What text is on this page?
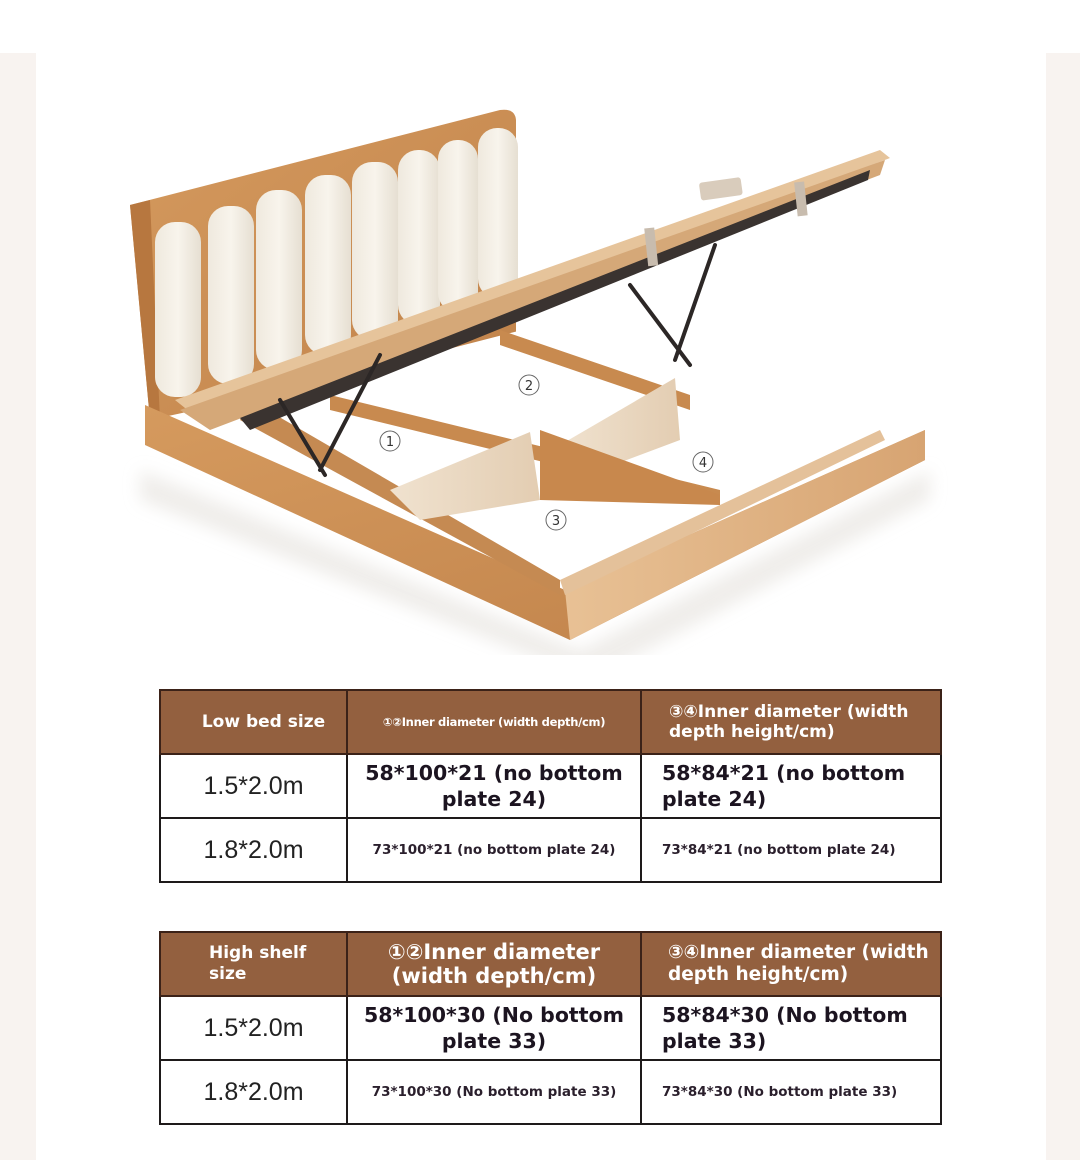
1
2
3
4
Low bed size	①②Inner diameter (width depth/cm)	③④Inner diameter (width depth height/cm)
1.5*2.0m	58*100*21 (no bottom plate 24)	58*84*21 (no bottom plate 24)
1.8*2.0m	73*100*21 (no bottom plate 24)	73*84*21 (no bottom plate 24)
High shelf size	①②Inner diameter (width depth/cm)	③④Inner diameter (width depth height/cm)
1.5*2.0m	58*100*30 (No bottom plate 33)	58*84*30 (No bottom plate 33)
1.8*2.0m	73*100*30 (No bottom plate 33)	73*84*30 (No bottom plate 33)
